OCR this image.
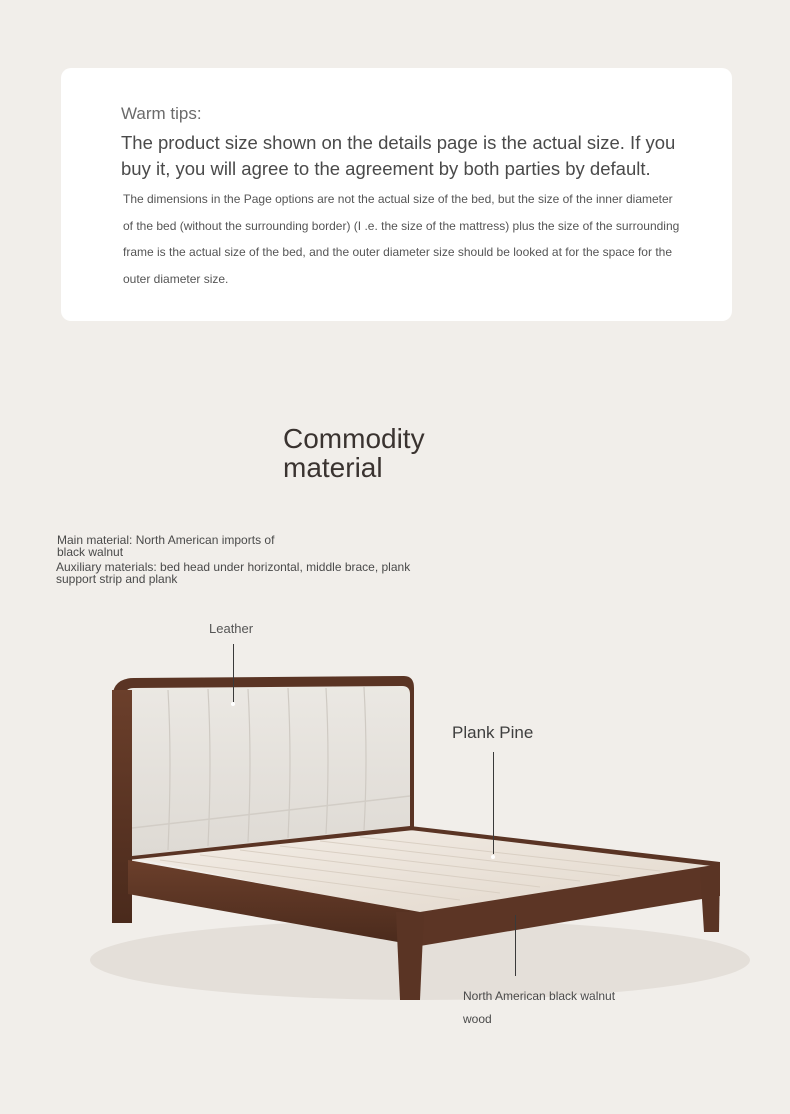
Warm tips:
The product size shown on the details page is the actual size. If you buy it, you will agree to the agreement by both parties by default.
The dimensions in the Page options are not the actual size of the bed, but the size of the inner diameter of the bed (without the surrounding border) (I .e. the size of the mattress) plus the size of the surrounding frame is the actual size of the bed, and the outer diameter size should be looked at for the space for the outer diameter size.
Commodity material
Main material: North American imports of black walnut
Auxiliary materials: bed head under horizontal, middle brace, plank support strip and plank
Leather
Plank Pine
North American black walnut wood
